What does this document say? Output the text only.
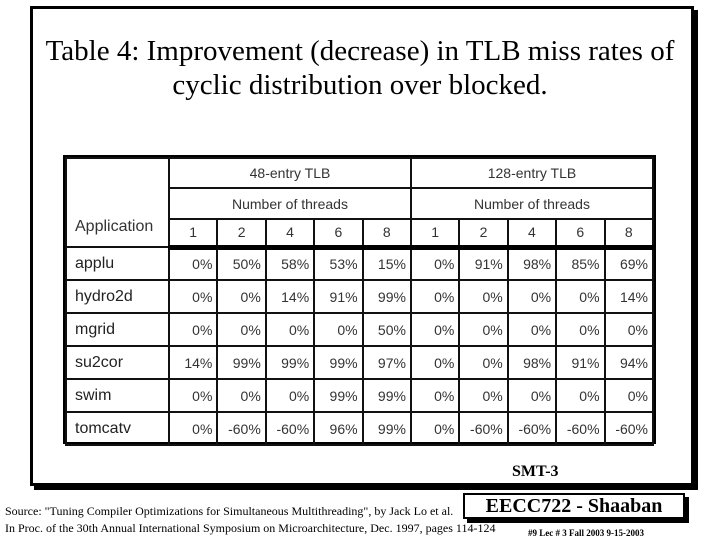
Table 4: Improvement (decrease) in TLB miss rates of cyclic distribution over blocked.
Application	48-entry TLB					128-entry TLB				
	Number of threads					Number of threads				
	1	2	4	6	8	1	2	4	6	8
applu	0%	50%	58%	53%	15%	0%	91%	98%	85%	69%
hydro2d	0%	0%	14%	91%	99%	0%	0%	0%	0%	14%
mgrid	0%	0%	0%	0%	50%	0%	0%	0%	0%	0%
su2cor	14%	99%	99%	99%	97%	0%	0%	98%	91%	94%
swim	0%	0%	0%	99%	99%	0%	0%	0%	0%	0%
tomcatv	0%	-60%	-60%	96%	99%	0%	-60%	-60%	-60%	-60%
SMT-3
Source: "Tuning Compiler Optimizations for Simultaneous Multithreading", by Jack Lo et al.
In Proc. of the 30th Annual International Symposium on Microarchitecture, Dec. 1997, pages 114-124
EECC722 - Shaaban
#9 Lec # 3 Fall 2003 9-15-2003
